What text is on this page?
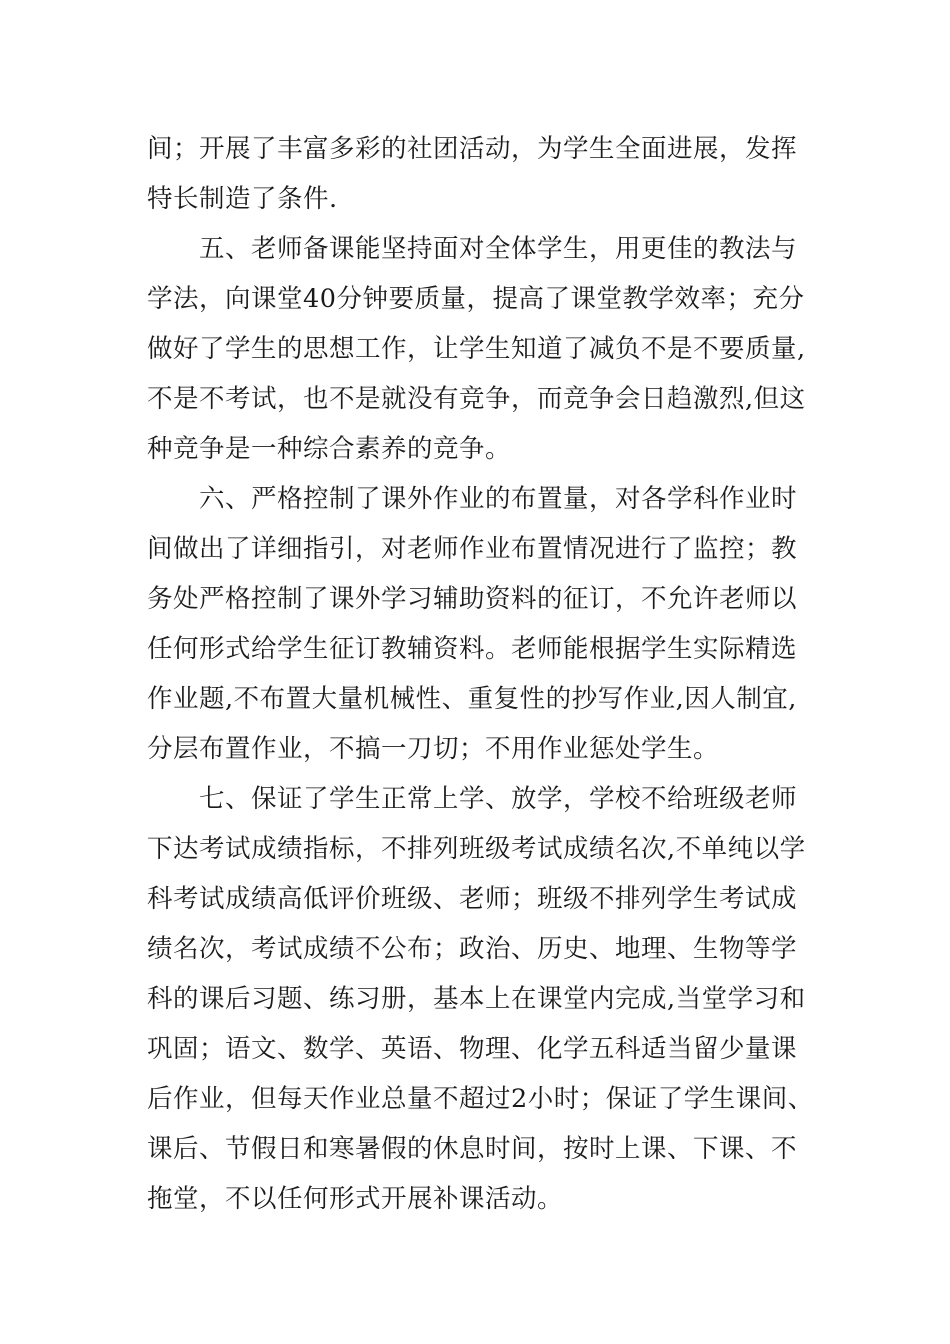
间；开展了丰富多彩的社团活动，为学生全面进展，发挥
特长制造了条件.
五、老师备课能坚持面对全体学生，用更佳的教法与
学法，向课堂40分钟要质量，提高了课堂教学效率；充分
做好了学生的思想工作，让学生知道了减负不是不要质量,
不是不考试，也不是就没有竞争，而竞争会日趋激烈,但这
种竞争是一种综合素养的竞争。
六、严格控制了课外作业的布置量，对各学科作业时
间做出了详细指引，对老师作业布置情况进行了监控；教
务处严格控制了课外学习辅助资料的征订，不允许老师以
任何形式给学生征订教辅资料。老师能根据学生实际精选
作业题,不布置大量机械性、重复性的抄写作业,因人制宜,
分层布置作业，不搞一刀切；不用作业惩处学生。
七、保证了学生正常上学、放学，学校不给班级老师
下达考试成绩指标，不排列班级考试成绩名次,不单纯以学
科考试成绩高低评价班级、老师；班级不排列学生考试成
绩名次，考试成绩不公布；政治、历史、地理、生物等学
科的课后习题、练习册，基本上在课堂内完成,当堂学习和
巩固；语文、数学、英语、物理、化学五科适当留少量课
后作业，但每天作业总量不超过2小时；保证了学生课间、
课后、节假日和寒暑假的休息时间，按时上课、下课、不
拖堂，不以任何形式开展补课活动。
